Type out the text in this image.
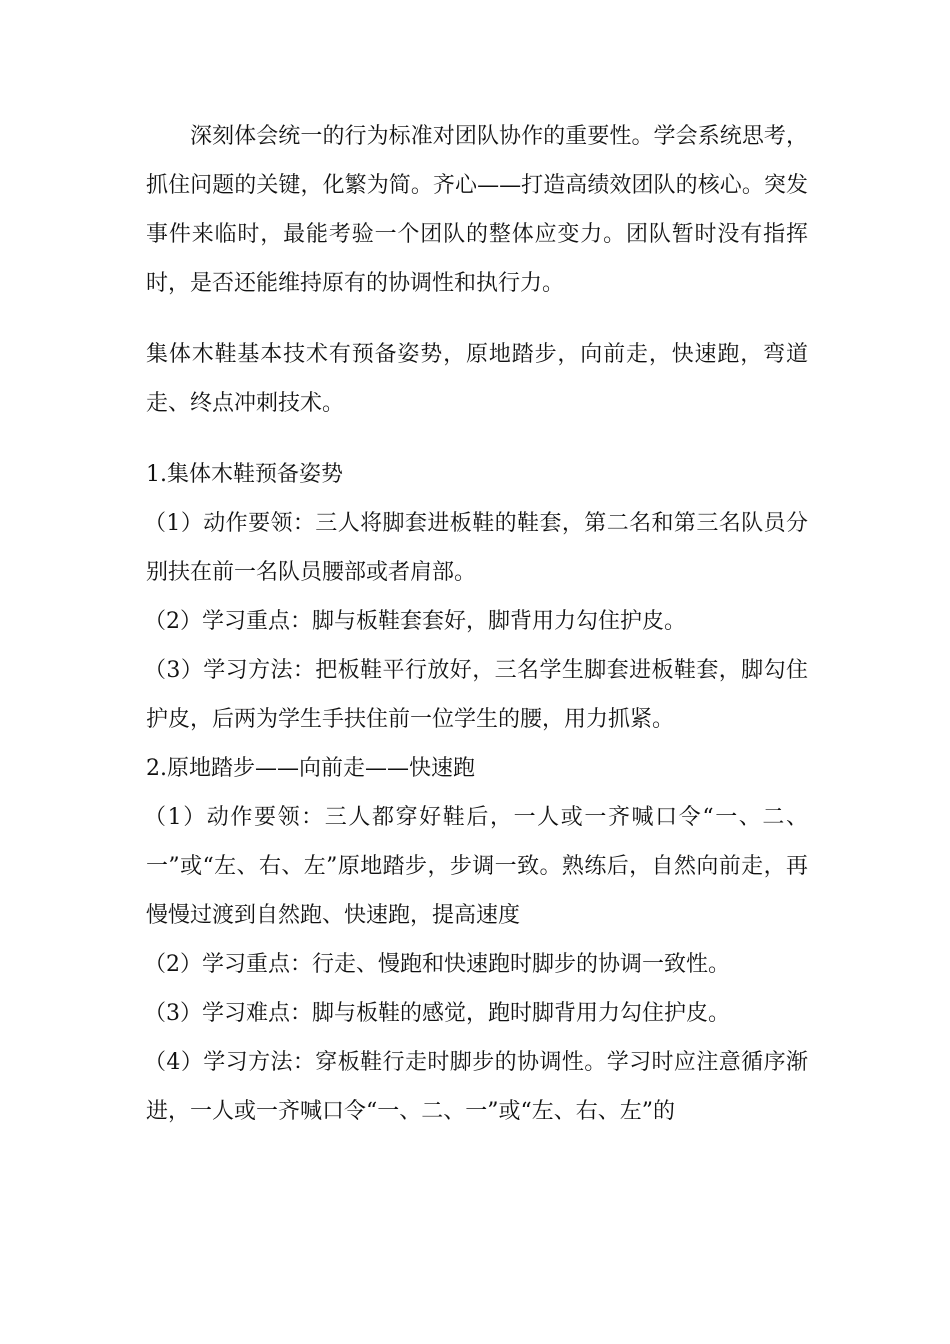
深刻体会统一的行为标准对团队协作的重要性。学会系统思考，抓住问题的关键，化繁为简。齐心——打造高绩效团队的核心。突发事件来临时，最能考验一个团队的整体应变力。团队暂时没有指挥时，是否还能维持原有的协调性和执行力。

集体木鞋基本技术有预备姿势，原地踏步，向前走，快速跑，弯道走、终点冲刺技术。

1.集体木鞋预备姿势

（1）动作要领：三人将脚套进板鞋的鞋套，第二名和第三名队员分别扶在前一名队员腰部或者肩部。

（2）学习重点：脚与板鞋套套好，脚背用力勾住护皮。

（3）学习方法：把板鞋平行放好，三名学生脚套进板鞋套，脚勾住护皮，后两为学生手扶住前一位学生的腰，用力抓紧。

2.原地踏步——向前走——快速跑

（1）动作要领：三人都穿好鞋后，一人或一齐喊口令“一、二、一”或“左、右、左”原地踏步，步调一致。熟练后，自然向前走，再慢慢过渡到自然跑、快速跑，提高速度

（2）学习重点：行走、慢跑和快速跑时脚步的协调一致性。

（3）学习难点：脚与板鞋的感觉，跑时脚背用力勾住护皮。

（4）学习方法：穿板鞋行走时脚步的协调性。学习时应注意循序渐进，一人或一齐喊口令“一、二、一”或“左、右、左”的
